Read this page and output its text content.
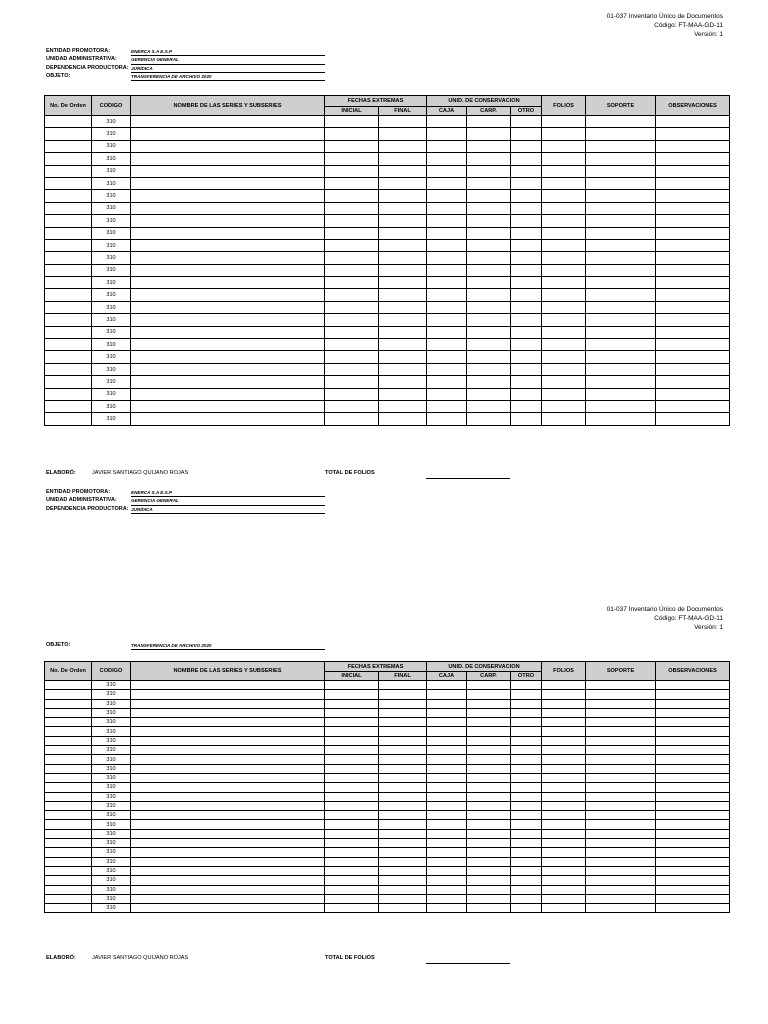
01-037 Inventario Único de Documentos
Código: FT-MAA-GD-11
Versión: 1
ENTIDAD PROMOTORA:	ENERCA S.A E.S.P
UNIDAD ADMINISTRATIVA:	GERENCIA GENERAL
DEPENDENCIA PRODUCTORA: JURÍDICA
OBJETO:	TRANSFERENCIA DE ARCHIVO 2020
No. De Orden	CODIGO	NOMBRE DE LAS SERIES Y SUBSERIES	FECHAS EXTREMAS		UNID. DE CONSERVACION			FOLIOS	SOPORTE	OBSERVACIONES
			INICIAL	FINAL	CAJA	CARP.	OTRO			
	310									
	310									
	310									
	310									
	310									
	310									
	310									
	310									
	310									
	310									
	310									
	310									
	310									
	310									
	310									
	310									
	310									
	310									
	310									
	310									
	310									
	310									
	310									
	310									
	310									
ELABORÓ:	JAVIER SANTIAGO QUIJANO ROJAS	TOTAL DE FOLIOS
ENTIDAD PROMOTORA:	ENERCA S.A E.S.P
UNIDAD ADMINISTRATIVA:	GERENCIA GENERAL
DEPENDENCIA PRODUCTORA: JURÍDICA
01-037 Inventario Único de Documentos
Código: FT-MAA-GD-11
Versión: 1
OBJETO:	TRANSFERENCIA DE ARCHIVO 2020
No. De Orden	CODIGO	NOMBRE DE LAS SERIES Y SUBSERIES	FECHAS EXTREMAS		UNID. DE CONSERVACION			FOLIOS	SOPORTE	OBSERVACIONES
			INICIAL	FINAL	CAJA	CARP.	OTRO			
	310									
	310									
	310									
	310									
	310									
	310									
	310									
	310									
	310									
	310									
	310									
	310									
	310									
	310									
	310									
	310									
	310									
	310									
	310									
	310									
	310									
	310									
	310									
	310									
	310									
ELABORÓ:	JAVIER SANTIAGO QUIJANO ROJAS	TOTAL DE FOLIOS
